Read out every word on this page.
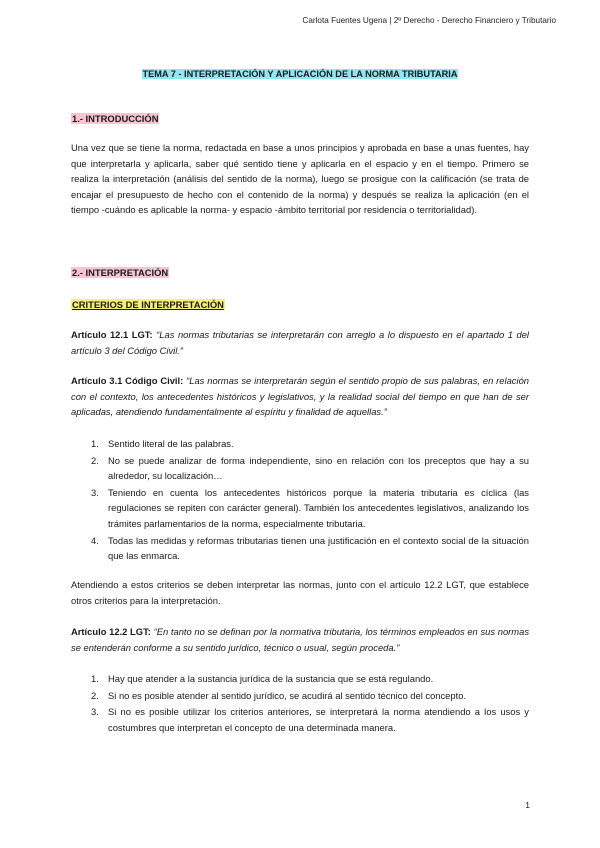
Carlota Fuentes Ugena | 2º Derecho - Derecho Financiero y Tributario
TEMA 7 - INTERPRETACIÓN Y APLICACIÓN DE LA NORMA TRIBUTARIA
1.- INTRODUCCIÓN
Una vez que se tiene la norma, redactada en base a unos principios y aprobada en base a unas fuentes, hay que interpretarla y aplicarla, saber qué sentido tiene y aplicarla en el espacio y en el tiempo. Primero se realiza la interpretación (análisis del sentido de la norma), luego se prosigue con la calificación (se trata de encajar el presupuesto de hecho con el contenido de la norma) y después se realiza la aplicación (en el tiempo -cuándo es aplicable la norma- y espacio -ámbito territorial por residencia o territorialidad).
2.- INTERPRETACIÓN
CRITERIOS DE INTERPRETACIÓN
Artículo 12.1 LGT: “Las normas tributarias se interpretarán con arreglo a lo dispuesto en el apartado 1 del artículo 3 del Código Civil.”
Artículo 3.1 Código Civil: “Las normas se interpretarán según el sentido propio de sus palabras, en relación con el contexto, los antecedentes históricos y legislativos, y la realidad social del tiempo en que han de ser aplicadas, atendiendo fundamentalmente al espíritu y finalidad de aquellas.”
1. Sentido literal de las palabras.
2. No se puede analizar de forma independiente, sino en relación con los preceptos que hay a su alrededor, su localización…
3. Teniendo en cuenta los antecedentes históricos porque la materia tributaria es cíclica (las regulaciones se repiten con carácter general). También los antecedentes legislativos, analizando los trámites parlamentarios de la norma, especialmente tributaria.
4. Todas las medidas y reformas tributarias tienen una justificación en el contexto social de la situación que las enmarca.
Atendiendo a estos criterios se deben interpretar las normas, junto con el artículo 12.2 LGT, que establece otros criterios para la interpretación.
Artículo 12.2 LGT: “En tanto no se definan por la normativa tributaria, los términos empleados en sus normas se entenderán conforme a su sentido jurídico, técnico o usual, según proceda.”
1. Hay que atender a la sustancia jurídica de la sustancia que se está regulando.
2. Si no es posible atender al sentido jurídico, se acudirá al sentido técnico del concepto.
3. Si no es posible utilizar los criterios anteriores, se interpretará la norma atendiendo a los usos y costumbres que interpretan el concepto de una determinada manera.
1
